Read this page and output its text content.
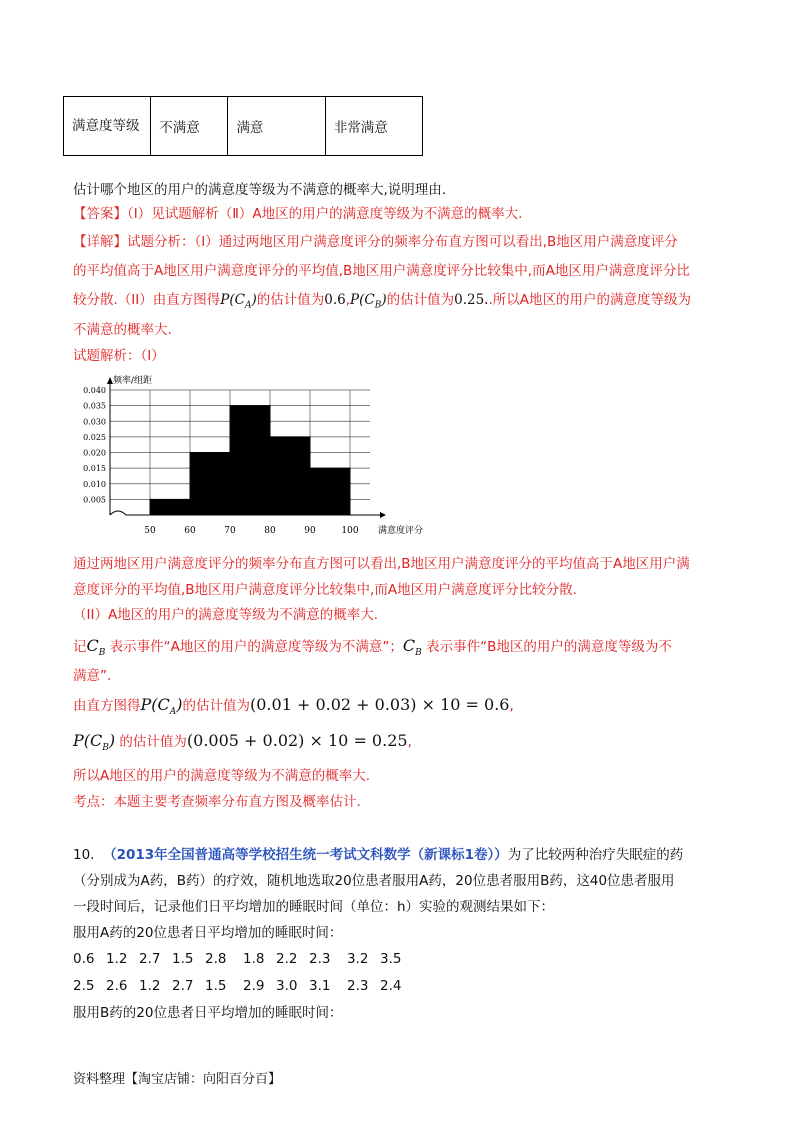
满意度等级	不满意	满意	非常满意
估计哪个地区的用户的满意度等级为不满意的概率大,说明理由.
【答案】（Ⅰ）见试题解析（Ⅱ）A地区的用户的满意度等级为不满意的概率大.
【详解】试题分析：（Ⅰ）通过两地区用户满意度评分的频率分布直方图可以看出,B地区用户满意度评分
的平均值高于A地区用户满意度评分的平均值,B地区用户满意度评分比较集中,而A地区用户满意度评分比
较分散.（II）由直方图得$P(C_A)$的估计值为$0.6,P(C_B)$的估计值为0.25..所以A地区的用户的满意度等级为
不满意的概率大.
试题解析：（Ⅰ）
0.040
0.035
0.030
0.025
0.020
0.015
0.010
0.005
50	60	70	80	90	100
频率/组距
满意度评分
通过两地区用户满意度评分的频率分布直方图可以看出,B地区用户满意度评分的平均值高于A地区用户满
意度评分的平均值,B地区用户满意度评分比较集中,而A地区用户满意度评分比较分散.
（II）A地区的用户的满意度等级为不满意的概率大.
记$C_B$ 表示事件“A地区的用户的满意度等级为不满意”；$C_B$ 表示事件“B地区的用户的满意度等级为不
满意”.
由直方图得$P(C_A)$的估计值为(0.01 + 0.02 + 0.03) × 10 = 0.6,
$P(C_B)$ 的估计值为(0.005 + 0.02) × 10 = 0.25,
所以A地区的用户的满意度等级为不满意的概率大.
考点：本题主要考查频率分布直方图及概率估计.
10. （2013年全国普通高等学校招生统一考试文科数学（新课标1卷））为了比较两种治疗失眠症的药
（分别成为A药，B药）的疗效，随机地选取20位患者服用A药，20位患者服用B药，这40位患者服用
一段时间后，记录他们日平均增加的睡眠时间（单位：h）实验的观测结果如下：
服用A药的20位患者日平均增加的睡眠时间：
0.6 1.2 2.7 1.5 2.8 1.8 2.2 2.3 3.2 3.5
2.5 2.6 1.2 2.7 1.5 2.9 3.0 3.1 2.3 2.4
服用B药的20位患者日平均增加的睡眠时间：
资料整理【淘宝店铺：向阳百分百】
